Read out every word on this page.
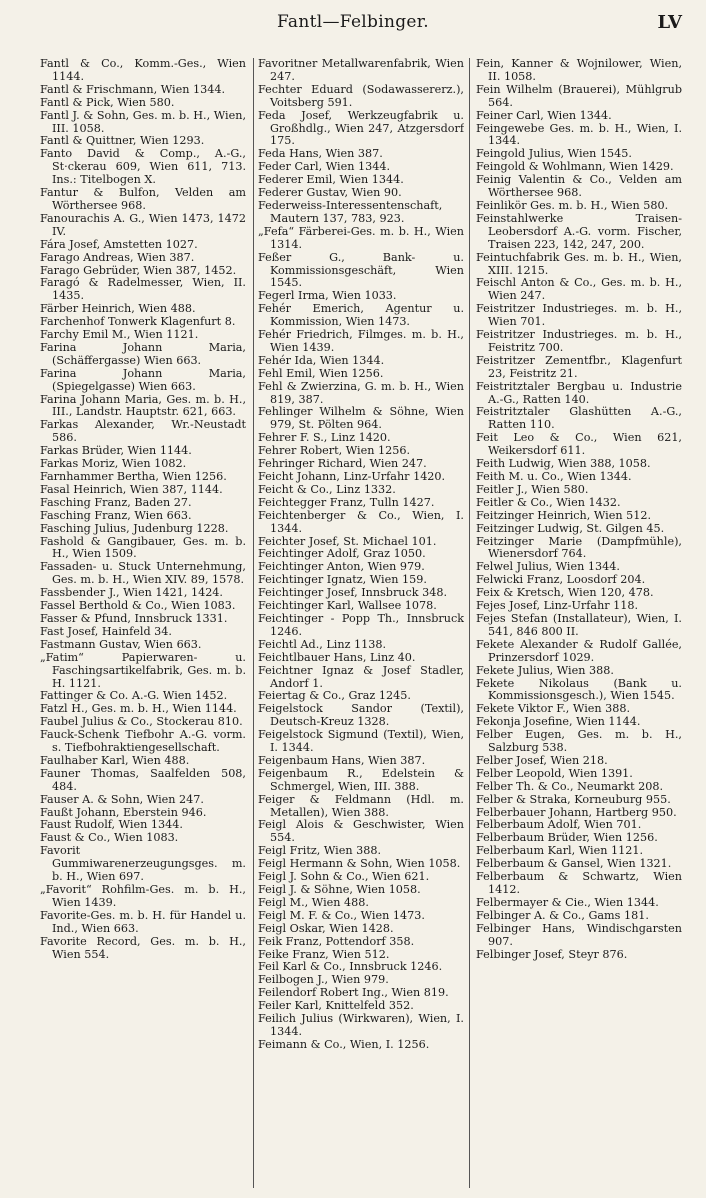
Fantl—Felbinger.	LV
Fantl & Co., Komm.-Ges., Wien 1144.
Fantl & Frischmann, Wien 1344.
Fantl & Pick, Wien 580.
Fantl J. & Sohn, Ges. m. b. H., Wien, III. 1058.
Fantl & Quittner, Wien 1293.
Fanto David & Comp., A.-G., St·ckerau 609, Wien 611, 713. Ins.: Titelbogen X.
Fantur & Bulfon, Velden am Wörthersee 968.
Fanourachis A. G., Wien 1473, 1472 IV.
Fára Josef, Amstetten 1027.
Farago Andreas, Wien 387.
Farago Gebrüder, Wien 387, 1452.
Faragó & Radelmesser, Wien, II. 1435.
Färber Heinrich, Wien 488.
Farchenhof Tonwerk Klagenfurt 8.
Farchy Emil M., Wien 1121.
Farina Johann Maria, (Schäffergasse) Wien 663.
Farina Johann Maria, (Spiegelgasse) Wien 663.
Farina Johann Maria, Ges. m. b. H., III., Landstr. Hauptstr. 621, 663.
Farkas Alexander, Wr.-Neustadt 586.
Farkas Brüder, Wien 1144.
Farkas Moriz, Wien 1082.
Farnhammer Bertha, Wien 1256.
Fasal Heinrich, Wien 387, 1144.
Fasching Franz, Baden 27.
Fasching Franz, Wien 663.
Fasching Julius, Judenburg 1228.
Fashold & Gangibauer, Ges. m. b. H., Wien 1509.
Fassaden- u. Stuck Unternehmung, Ges. m. b. H., Wien XIV. 89, 1578.
Fassbender J., Wien 1421, 1424.
Fassel Berthold & Co., Wien 1083.
Fasser & Pfund, Innsbruck 1331.
Fast Josef, Hainfeld 34.
Fastmann Gustav, Wien 663.
„Fatim“ Papierwaren- u. Faschingsartikelfabrik, Ges. m. b. H. 1121.
Fattinger & Co. A.-G. Wien 1452.
Fatzl H., Ges. m. b. H., Wien 1144.
Faubel Julius & Co., Stockerau 810.
Fauck-Schenk Tiefbohr A.-G. vorm. s. Tiefbohraktiengesellschaft.
Faulhaber Karl, Wien 488.
Fauner Thomas, Saalfelden 508, 484.
Fauser A. & Sohn, Wien 247.
Faußt Johann, Eberstein 946.
Faust Rudolf, Wien 1344.
Faust & Co., Wien 1083.
Favorit Gummiwarenerzeugungsges. m. b. H., Wien 697.
„Favorit“ Rohfilm-Ges. m. b. H., Wien 1439.
Favorite-Ges. m. b. H. für Handel u. Ind., Wien 663.
Favorite Record, Ges. m. b. H., Wien 554.
Favoritner Metallwarenfabrik, Wien 247.
Fechter Eduard (Sodawassererz.), Voitsberg 591.
Feda Josef, Werkzeugfabrik u. Großhdlg., Wien 247, Atzgersdorf 175.
Feda Hans, Wien 387.
Feder Carl, Wien 1344.
Federer Emil, Wien 1344.
Federer Gustav, Wien 90.
Federweiss-Interessentenschaft, Mautern 137, 783, 923.
„Fefa“ Färberei-Ges. m. b. H., Wien 1314.
Feßer G., Bank- u. Kommissionsgeschäft, Wien 1545.
Fegerl Irma, Wien 1033.
Fehér Emerich, Agentur u. Kommission, Wien 1473.
Fehér Friedrich, Filmges. m. b. H., Wien 1439.
Fehér Ida, Wien 1344.
Fehl Emil, Wien 1256.
Fehl & Zwierzina, G. m. b. H., Wien 819, 387.
Fehlinger Wilhelm & Söhne, Wien 979, St. Pölten 964.
Fehrer F. S., Linz 1420.
Fehrer Robert, Wien 1256.
Fehringer Richard, Wien 247.
Feicht Johann, Linz-Urfahr 1420.
Feicht & Co., Linz 1332.
Feichtegger Franz, Tulln 1427.
Feichtenberger & Co., Wien, I. 1344.
Feichter Josef, St. Michael 101.
Feichtinger Adolf, Graz 1050.
Feichtinger Anton, Wien 979.
Feichtinger Ignatz, Wien 159.
Feichtinger Josef, Innsbruck 348.
Feichtinger Karl, Wallsee 1078.
Feichtinger - Popp Th., Innsbruck 1246.
Feichtl Ad., Linz 1138.
Feichtlbauer Hans, Linz 40.
Feichtner Ignaz & Josef Stadler, Andorf 1.
Feiertag & Co., Graz 1245.
Feigelstock Sandor (Textil), Deutsch-Kreuz 1328.
Feigelstock Sigmund (Textil), Wien, I. 1344.
Feigenbaum Hans, Wien 387.
Feigenbaum R., Edelstein & Schmergel, Wien, III. 388.
Feiger & Feldmann (Hdl. m. Metallen), Wien 388.
Feigl Alois & Geschwister, Wien 554.
Feigl Fritz, Wien 388.
Feigl Hermann & Sohn, Wien 1058.
Feigl J. Sohn & Co., Wien 621.
Feigl J. & Söhne, Wien 1058.
Feigl M., Wien 488.
Feigl M. F. & Co., Wien 1473.
Feigl Oskar, Wien 1428.
Feik Franz, Pottendorf 358.
Feike Franz, Wien 512.
Feil Karl & Co., Innsbruck 1246.
Feilbogen J., Wien 979.
Feilendorf Robert Ing., Wien 819.
Feiler Karl, Knittelfeld 352.
Feilich Julius (Wirkwaren), Wien, I. 1344.
Feimann & Co., Wien, I. 1256.
Fein, Kanner & Wojnilower, Wien, II. 1058.
Fein Wilhelm (Brauerei), Mühlgrub 564.
Feiner Carl, Wien 1344.
Feingewebe Ges. m. b. H., Wien, I. 1344.
Feingold Julius, Wien 1545.
Feingold & Wohlmann, Wien 1429.
Feinig Valentin & Co., Velden am Wörthersee 968.
Feinlikör Ges. m. b. H., Wien 580.
Feinstahlwerke Traisen-Leobersdorf A.-G. vorm. Fischer, Traisen 223, 142, 247, 200.
Feintuchfabrik Ges. m. b. H., Wien, XIII. 1215.
Feischl Anton & Co., Ges. m. b. H., Wien 247.
Feistritzer Industrieges. m. b. H., Wien 701.
Feistritzer Industrieges. m. b. H., Feistritz 700.
Feistritzer Zementfbr., Klagenfurt 23, Feistritz 21.
Feistritztaler Bergbau u. Industrie A.-G., Ratten 140.
Feistritztaler Glashütten A.-G., Ratten 110.
Feit Leo & Co., Wien 621, Weikersdorf 611.
Feith Ludwig, Wien 388, 1058.
Feith M. u. Co., Wien 1344.
Feitler J., Wien 580.
Feitler & Co., Wien 1432.
Feitzinger Heinrich, Wien 512.
Feitzinger Ludwig, St. Gilgen 45.
Feitzinger Marie (Dampfmühle), Wienersdorf 764.
Felwel Julius, Wien 1344.
Felwicki Franz, Loosdorf 204.
Feix & Kretsch, Wien 120, 478.
Fejes Josef, Linz-Urfahr 118.
Fejes Stefan (Installateur), Wien, I. 541, 846 800 II.
Fekete Alexander & Rudolf Gallée, Prinzersdorf 1029.
Fekete Julius, Wien 388.
Fekete Nikolaus (Bank u. Kommissionsgesch.), Wien 1545.
Fekete Viktor F., Wien 388.
Fekonja Josefine, Wien 1144.
Felber Eugen, Ges. m. b. H., Salzburg 538.
Felber Josef, Wien 218.
Felber Leopold, Wien 1391.
Felber Th. & Co., Neumarkt 208.
Felber & Straka, Korneuburg 955.
Felberbauer Johann, Hartberg 950.
Felberbaum Adolf, Wien 701.
Felberbaum Brüder, Wien 1256.
Felberbaum Karl, Wien 1121.
Felberbaum & Gansel, Wien 1321.
Felberbaum & Schwartz, Wien 1412.
Felbermayer & Cie., Wien 1344.
Felbinger A. & Co., Gams 181.
Felbinger Hans, Windischgarsten 907.
Felbinger Josef, Steyr 876.
